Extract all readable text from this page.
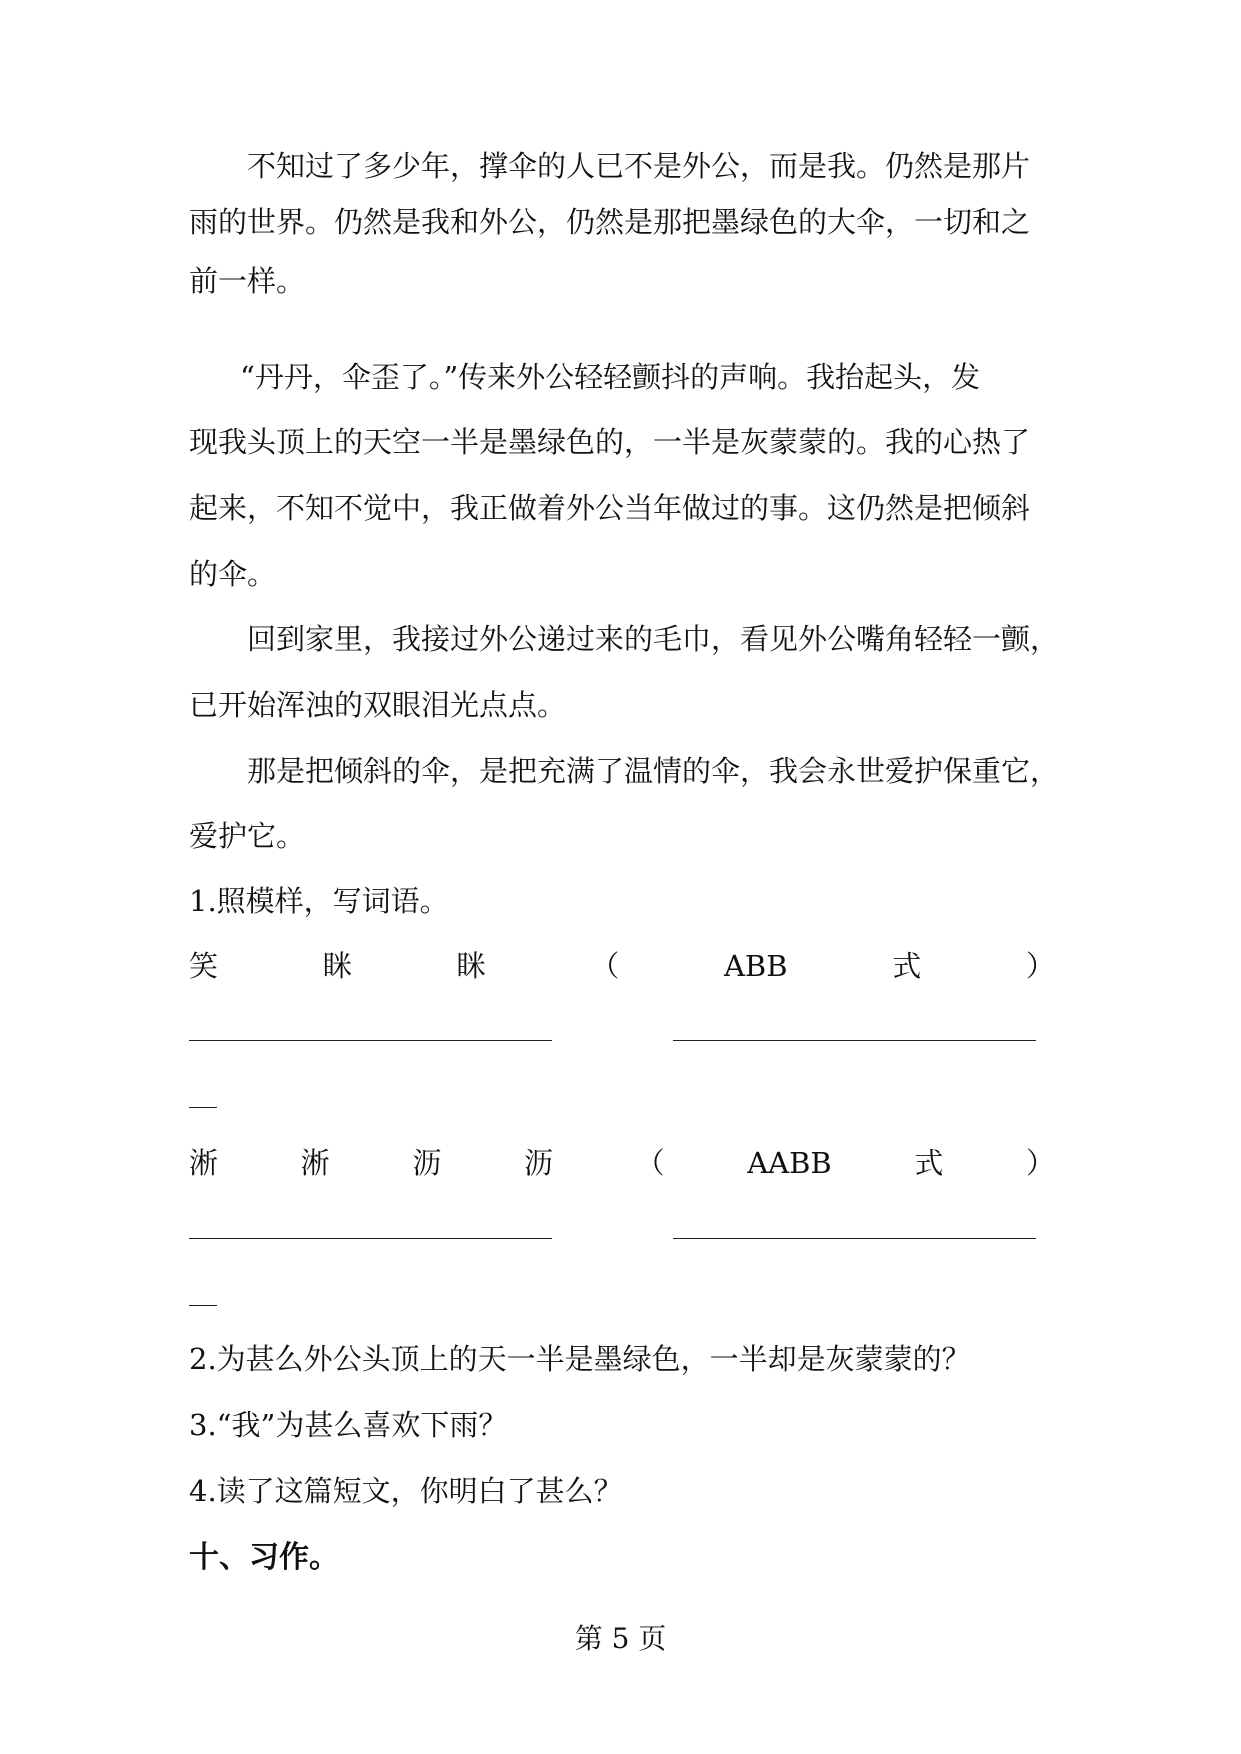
不知过了多少年，撑伞的人已不是外公，而是我。仍然是那片
雨的世界。仍然是我和外公，仍然是那把墨绿色的大伞，一切和之
前一样。
“丹丹，伞歪了。”传来外公轻轻颤抖的声响。我抬起头，发
现我头顶上的天空一半是墨绿色的，一半是灰蒙蒙的。我的心热了
起来，不知不觉中，我正做着外公当年做过的事。这仍然是把倾斜
的伞。
回到家里，我接过外公递过来的毛巾，看见外公嘴角轻轻一颤，
已开始浑浊的双眼泪光点点。
那是把倾斜的伞，是把充满了温情的伞，我会永世爱护保重它，
爱护它。
1.照模样，写词语。
笑	眯	眯	（	ABB	式	）
淅	淅	沥	沥	（	AABB	式	）
2.为甚么外公头顶上的天一半是墨绿色，一半却是灰蒙蒙的？
3.“我”为甚么喜欢下雨？
4.读了这篇短文，你明白了甚么？
十、习作。
第 5 页
